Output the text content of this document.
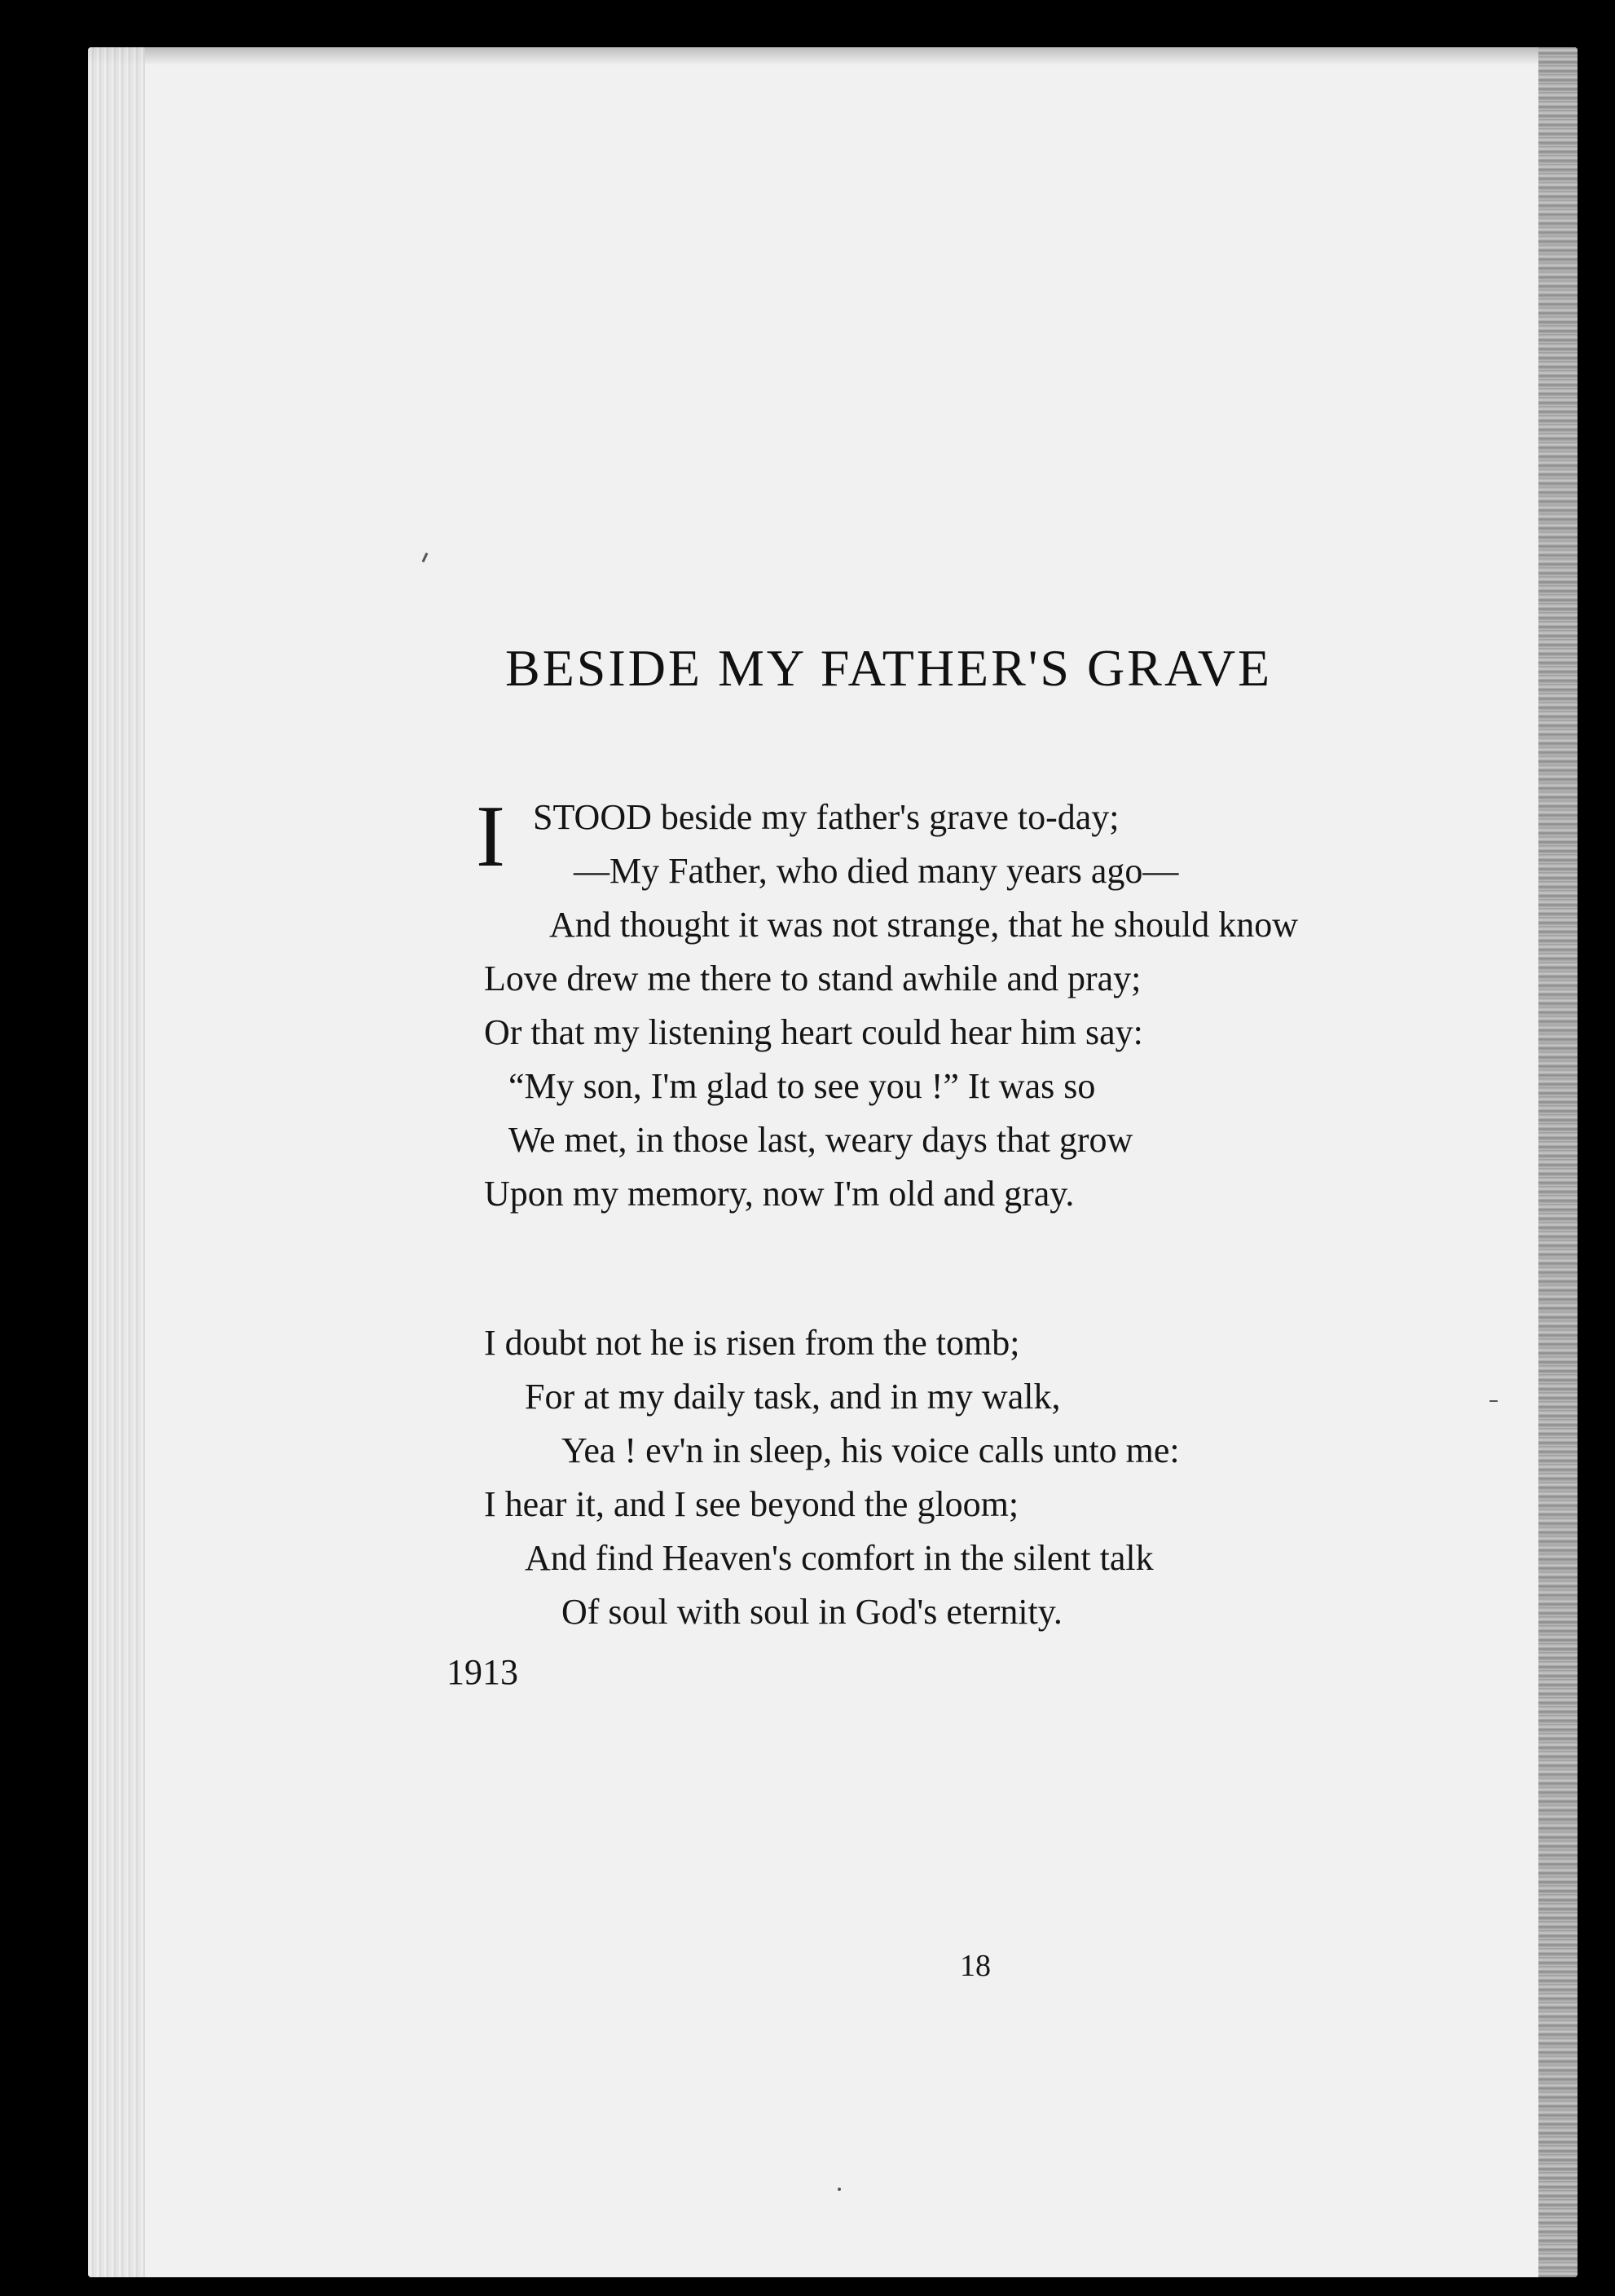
BESIDE MY FATHER'S GRAVE
I STOOD beside my father's grave to-day;
—My Father, who died many years ago—
And thought it was not strange, that he should know
Love drew me there to stand awhile and pray;
Or that my listening heart could hear him say:
“My son, I'm glad to see you !” It was so
We met, in those last, weary days that grow
Upon my memory, now I'm old and gray.
I doubt not he is risen from the tomb;
For at my daily task, and in my walk,
Yea ! ev'n in sleep, his voice calls unto me:
I hear it, and I see beyond the gloom;
And find Heaven's comfort in the silent talk
Of soul with soul in God's eternity.
1913
18
